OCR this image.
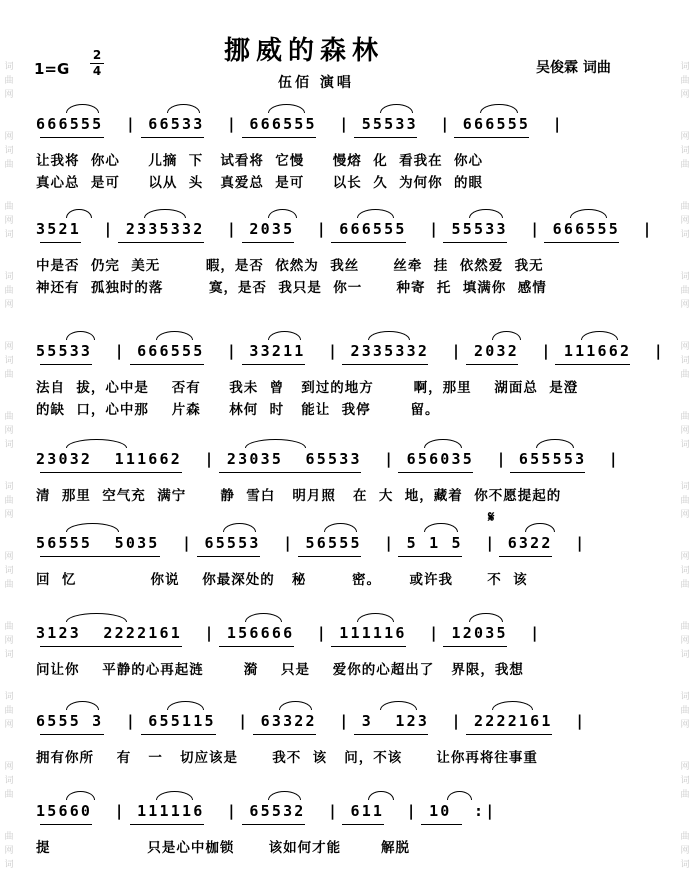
词
曲
网
网
词
曲
曲
网
词
词
曲
网
网
词
曲
曲
网
词
词
曲
网
网
词
曲
曲
网
词
词
曲
网
网
词
曲
曲
网
词
词
曲
网
网
词
曲
曲
网
词
词
曲
网
网
词
曲
曲
网
词
词
曲
网
网
词
曲
曲
网
词
词
曲
网
网
词
曲
曲
网
词
挪威的森林
伍佰 演唱
吴俊霖 词曲
1=G
2
4
666555  | 66533  | 666555  | 55533  | 666555  |
让我将  你心     儿摘  下   试看将  它慢     慢熔  化  看我在  你心
真心总  是可     以从  头   真爱总  是可     以长  久  为何你  的眼
3521  | 2335332  | 2035  | 666555  | 55533  | 666555  |
中是否  仍完  美无        暇，是否  依然为  我丝      丝牵  挂  依然爱  我无
神还有  孤独时的落        寞，是否  我只是  你一      种寄  托  填满你  感情
55533  | 666555  | 33211  | 2335332  | 2032  | 111662  |
法自  拔，心中是    否有     我未  曾   到过的地方       啊，那里    湖面总  是澄
的缺  口，心中那    片森     林何  时   能让  我停       留。
23032  111662  | 23035  65533  | 656035  | 655553  |
清  那里  空气充  满宁      静  雪白   明月照   在  大  地，藏着  你不愿提起的
56555  5035  | 65553  | 56555  | 5 1 5  | 6322  |
回  忆             你说    你最深处的   秘        密。     或许我      不  该
3123  2222161  | 156666  | 111116  | 12035  |
问让你    平静的心再起涟       漪    只是    爱你的心超出了   界限，我想
6555 3  | 655115  | 63322  | 3  123  | 2222161  |
拥有你所    有   一   切应该是      我不  该   问，不该      让你再将往事重
15660  | 111116  | 65532  | 611  | 10  :|
提                 只是心中枷锁      该如何才能       解脱
𝄋
